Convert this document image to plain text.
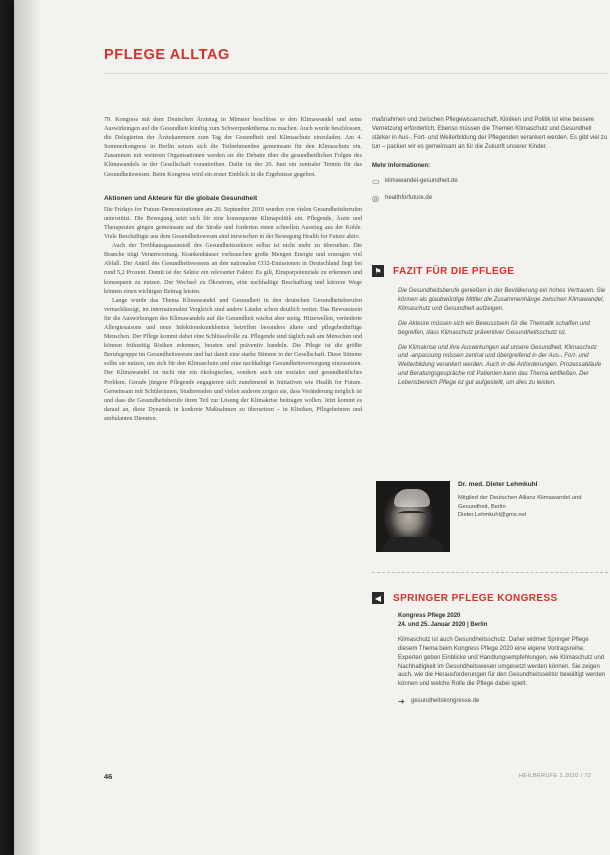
PFLEGE ALLTAG

79. Kongress mit dem Deutschen Ärztetag in Münster beschloss er den Klimawandel und seine Auswirkungen auf die Gesundheit künftig zum Schwerpunktthema zu machen. Auch wurde beschlossen, die Delegierten der Ärztekammern zum Tag der Gesundheit und Klimaschutz einzuladen. Am 4. Sommerkongress in Berlin setzen sich die Teilnehmenden gemeinsam für den Klimaschutz ein. Zusammen mit weiteren Organisationen werden sie die Debatte über die gesundheitlichen Folgen des Klimawandels in der Gesellschaft vorantreiben. Dafür ist der 26. Juni ein zentraler Termin für das Gesundheitswesen. Beim Kongress wird ein erster Einblick in die Ergebnisse gegeben.

Aktionen und Akteure für die globale Gesundheit

Die Fridays for Future-Demonstrationen am 20. September 2019 wurden von vielen Gesundheitsberufen unterstützt. Die Bewegung setzt sich für eine konsequente Klimapolitik ein. Pflegende, Ärzte und Therapeuten gingen gemeinsam auf die Straße und forderten einen schnellen Ausstieg aus der Kohle. Viele Beschäftigte aus dem Gesundheitswesen sind inzwischen in der Bewegung Health for Future aktiv.

Auch der Treibhausgasausstoß des Gesundheitssektors selbst ist nicht mehr zu übersehen. Die Branche trägt Verantwortung. Krankenhäuser verbrauchen große Mengen Energie und erzeugen viel Abfall. Der Anteil des Gesundheitswesens an den nationalen CO2-Emissionen in Deutschland liegt bei rund 5,2 Prozent. Damit ist der Sektor ein relevanter Faktor. Es gilt, Einsparpotenziale zu erkennen und konsequent zu nutzen. Der Wechsel zu Ökostrom, eine nachhaltige Beschaffung und kürzere Wege können einen wichtigen Beitrag leisten.

Lange wurde das Thema Klimawandel und Gesundheit in den deutschen Gesundheitsberufen vernachlässigt, im internationalen Vergleich sind andere Länder schon deutlich weiter. Das Bewusstsein für die Auswirkungen des Klimawandels auf die Gesundheit wächst aber stetig. Hitzewellen, veränderte Allergiesaisons und neue Infektionskrankheiten betreffen besonders ältere und pflegebedürftige Menschen. Der Pflege kommt dabei eine Schlüsselrolle zu. Pflegende sind täglich nah am Menschen und können frühzeitig Risiken erkennen, beraten und präventiv handeln. Die Pflege ist die größte Berufsgruppe im Gesundheitswesen und hat damit eine starke Stimme in der Gesellschaft. Diese Stimme sollte sie nutzen, um sich für den Klimaschutz und eine nachhaltige Gesundheitsversorgung einzusetzen. Der Klimawandel ist nicht nur ein ökologisches, sondern auch ein soziales und gesundheitliches Problem. Gerade jüngere Pflegende engagieren sich zunehmend in Initiativen wie Health for Future. Gemeinsam mit Schülerinnen, Studierenden und vielen anderen zeigen sie, dass Veränderung möglich ist und dass die Gesundheitsberufe ihren Teil zur Lösung der Klimakrise beitragen wollen. Jetzt kommt es darauf an, diese Dynamik in konkrete Maßnahmen zu übersetzen – in Kliniken, Pflegeheimen und ambulanten Diensten.

maßnahmen und zwischen Pflegewissenschaft, Kliniken und Politik ist eine bessere Vernetzung erforderlich. Ebenso müssen die Themen Klimaschutz und Gesundheit stärker in Aus-, Fort- und Weiterbildung der Pflegenden verankert werden. Es gibt viel zu tun – packen wir es gemeinsam an für die Zukunft unserer Kinder.

Mehr Informationen:

▭ klimawandel-gesundheit.de
◎ healthforfuture.de
⚑ FAZIT FÜR DIE PFLEGE

Die Gesundheitsberufe genießen in der Bevölkerung ein hohes Vertrauen. Sie können als glaubwürdige Mittler die Zusammenhänge zwischen Klimawandel, Klimaschutz und Gesundheit aufzeigen.

Die Akteure müssen sich ein Bewusstsein für die Thematik schaffen und begreifen, dass Klimaschutz präventiver Gesundheitsschutz ist.

Die Klimakrise und ihre Auswirkungen auf unsere Gesundheit, Klimaschutz und -anpassung müssen zentral und übergreifend in der Aus-, Fort- und Weiterbildung verankert werden. Auch in die Anforderungen, Prozessabläufe und Beratungsgespräche mit Patienten kann das Thema einfließen. Der Lebensbereich Pflege ist gut aufgestellt, um dies zu leisten.

Dr. med. Dieter Lehmkuhl

Mitglied der Deutschen Allianz Klimawandel und Gesundheit, Berlin

Dieter.Lehmkuhl@gmx.net

◀ SPRINGER PFLEGE KONGRESS

Kongress Pflege 2020

24. und 25. Januar 2020 | Berlin

Klimaschutz ist auch Gesundheitsschutz. Daher widmet Springer Pflege diesem Thema beim Kongress Pflege 2020 eine eigene Vortragsreihe. Experten geben Einblicke und Handlungsempfehlungen, wie Klimaschutz und Nachhaltigkeit im Gesundheitswesen umgesetzt werden können. Sie zeigen auch, wie die Herausforderungen für den Gesundheitssektor bewältigt werden können und welche Rolle die Pflege dabei spielt.

➜ gesundheitskongresse.de
46	HEILBERUFE 1.2020 / 72
